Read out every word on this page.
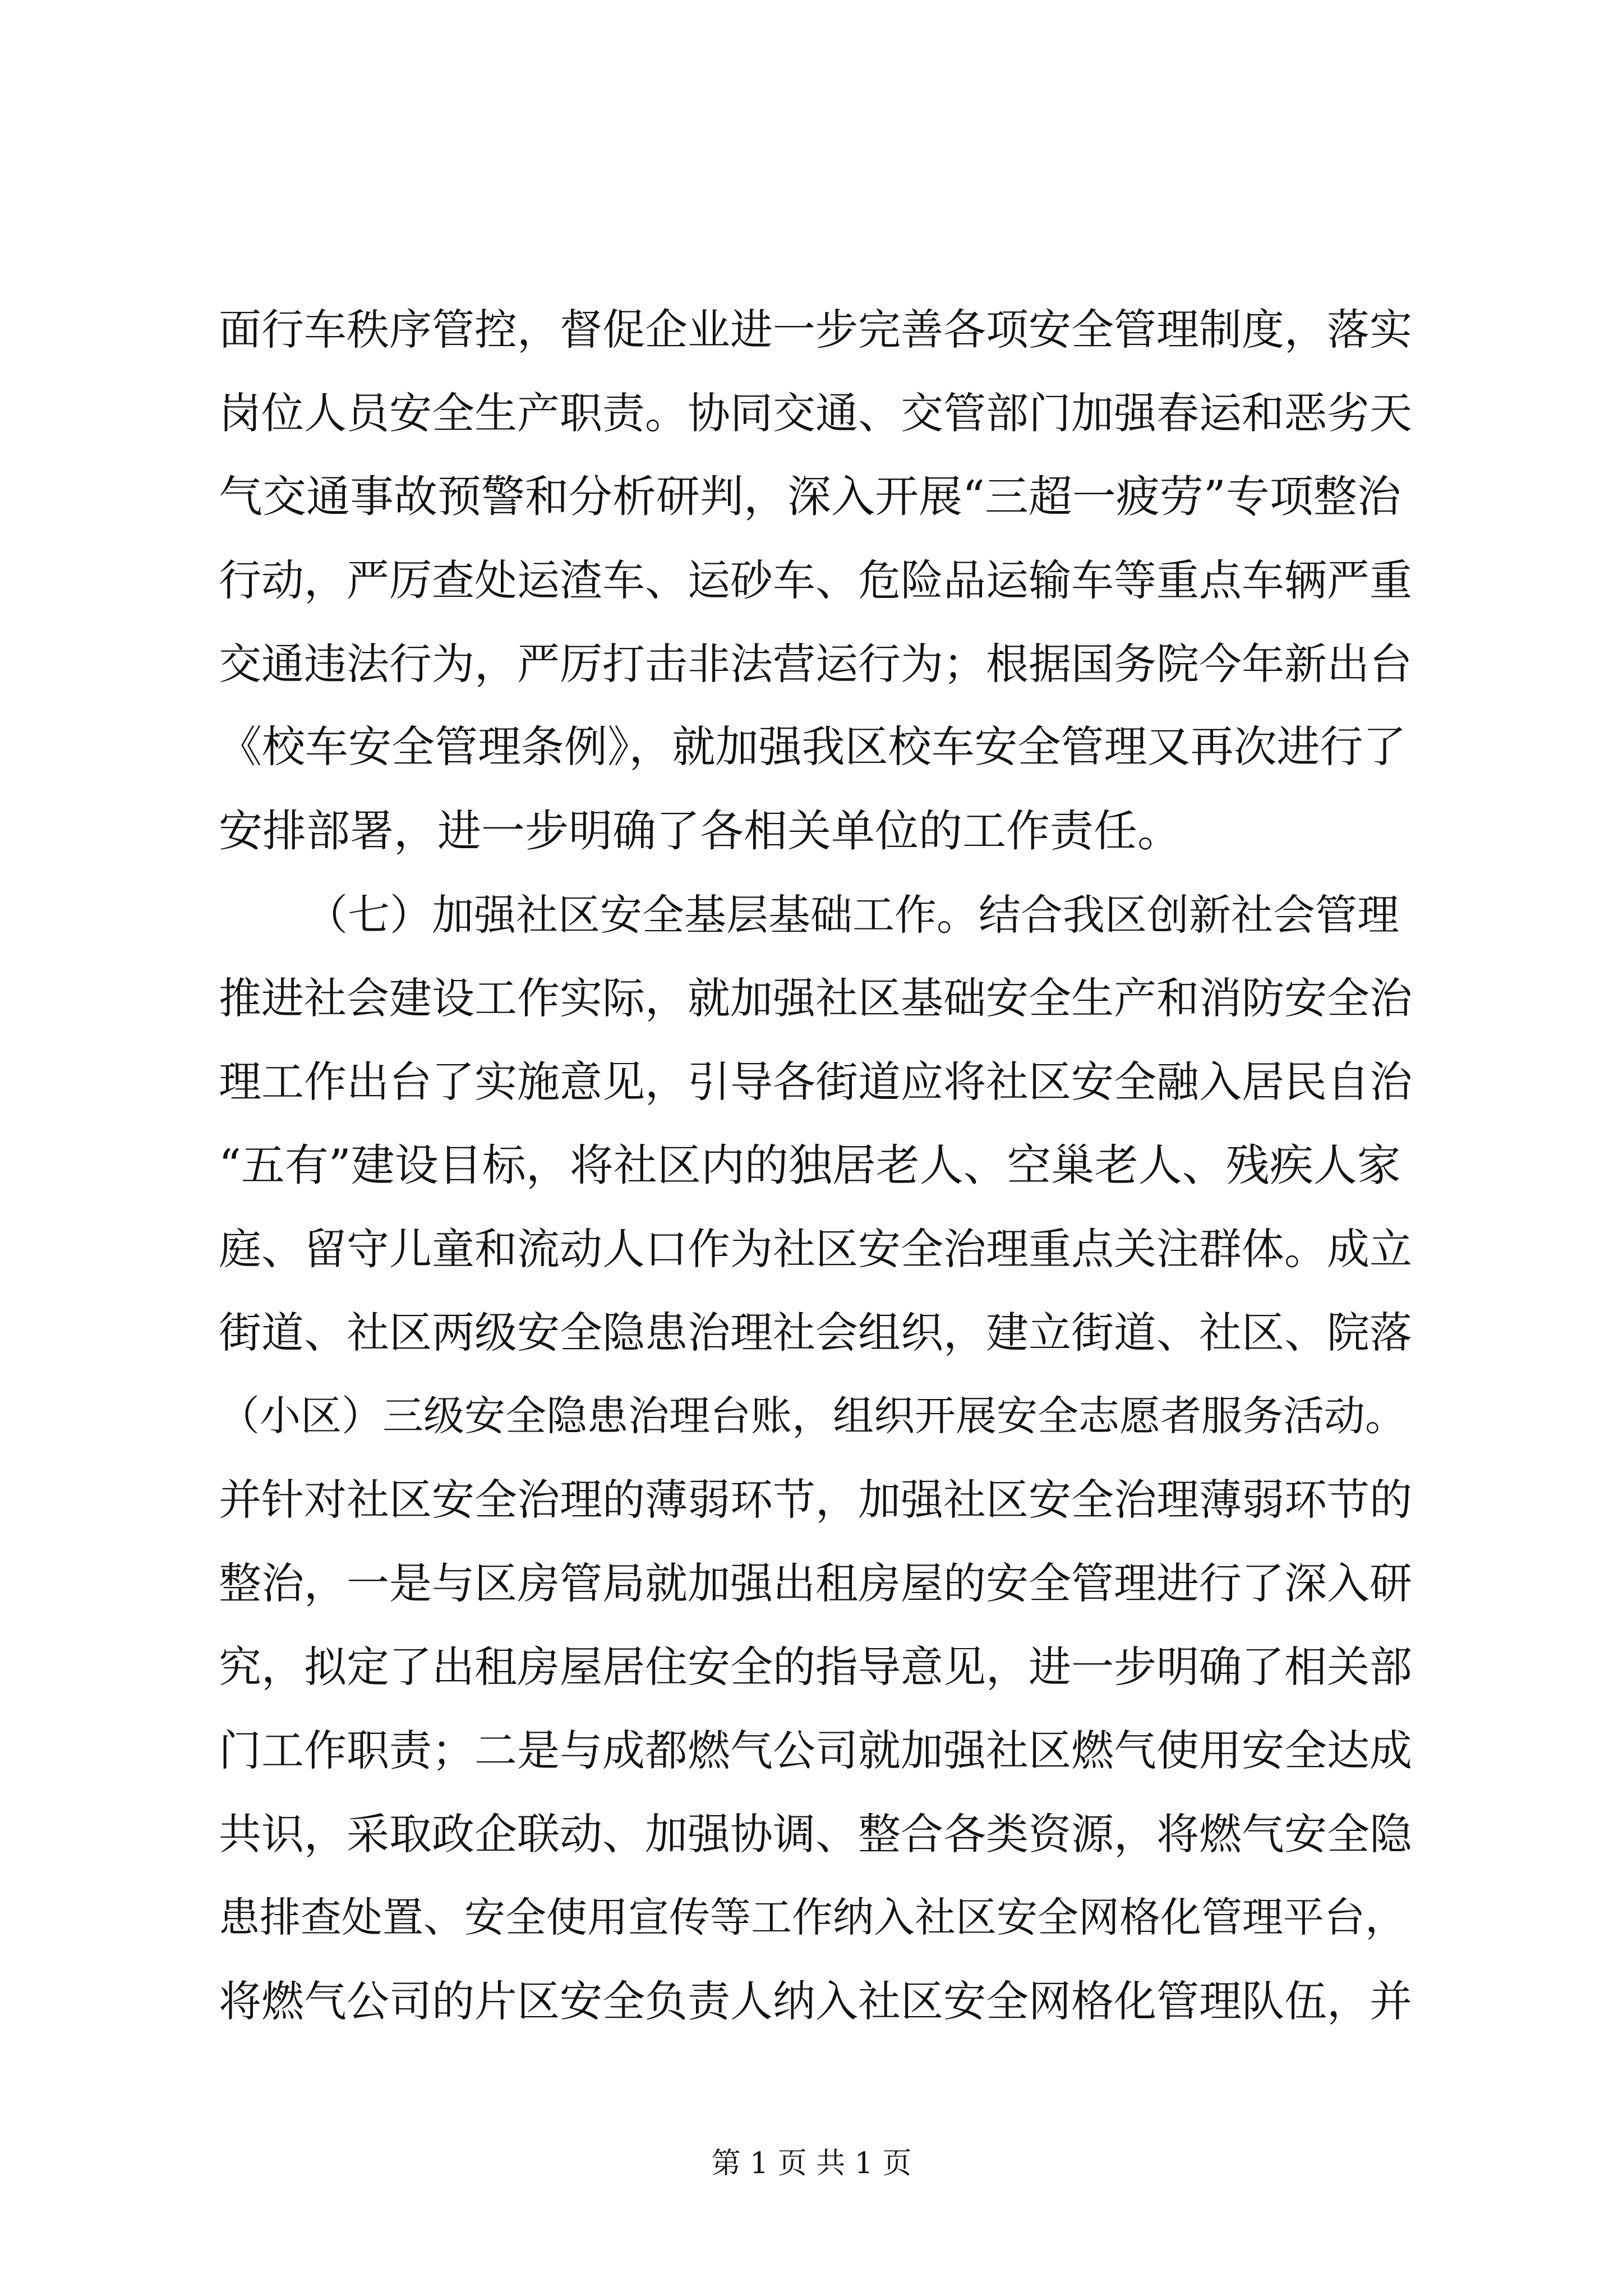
面行车秩序管控，督促企业进一步完善各项安全管理制度，落实
岗位人员安全生产职责。协同交通、交管部门加强春运和恶劣天
气交通事故预警和分析研判，深入开展“三超一疲劳”专项整治
行动，严厉查处运渣车、运砂车、危险品运输车等重点车辆严重
交通违法行为，严厉打击非法营运行为；根据国务院今年新出台
《校车安全管理条例》，就加强我区校车安全管理又再次进行了
安排部署，进一步明确了各相关单位的工作责任。
（七）加强社区安全基层基础工作。结合我区创新社会管理
推进社会建设工作实际，就加强社区基础安全生产和消防安全治
理工作出台了实施意见，引导各街道应将社区安全融入居民自治
“五有”建设目标，将社区内的独居老人、空巢老人、残疾人家
庭、留守儿童和流动人口作为社区安全治理重点关注群体。成立
街道、社区两级安全隐患治理社会组织，建立街道、社区、院落
（小区）三级安全隐患治理台账，组织开展安全志愿者服务活动。
并针对社区安全治理的薄弱环节，加强社区安全治理薄弱环节的
整治，一是与区房管局就加强出租房屋的安全管理进行了深入研
究，拟定了出租房屋居住安全的指导意见，进一步明确了相关部
门工作职责；二是与成都燃气公司就加强社区燃气使用安全达成
共识，采取政企联动、加强协调、整合各类资源，将燃气安全隐
患排查处置、安全使用宣传等工作纳入社区安全网格化管理平台，
将燃气公司的片区安全负责人纳入社区安全网格化管理队伍，并
第 1 页 共 1 页
